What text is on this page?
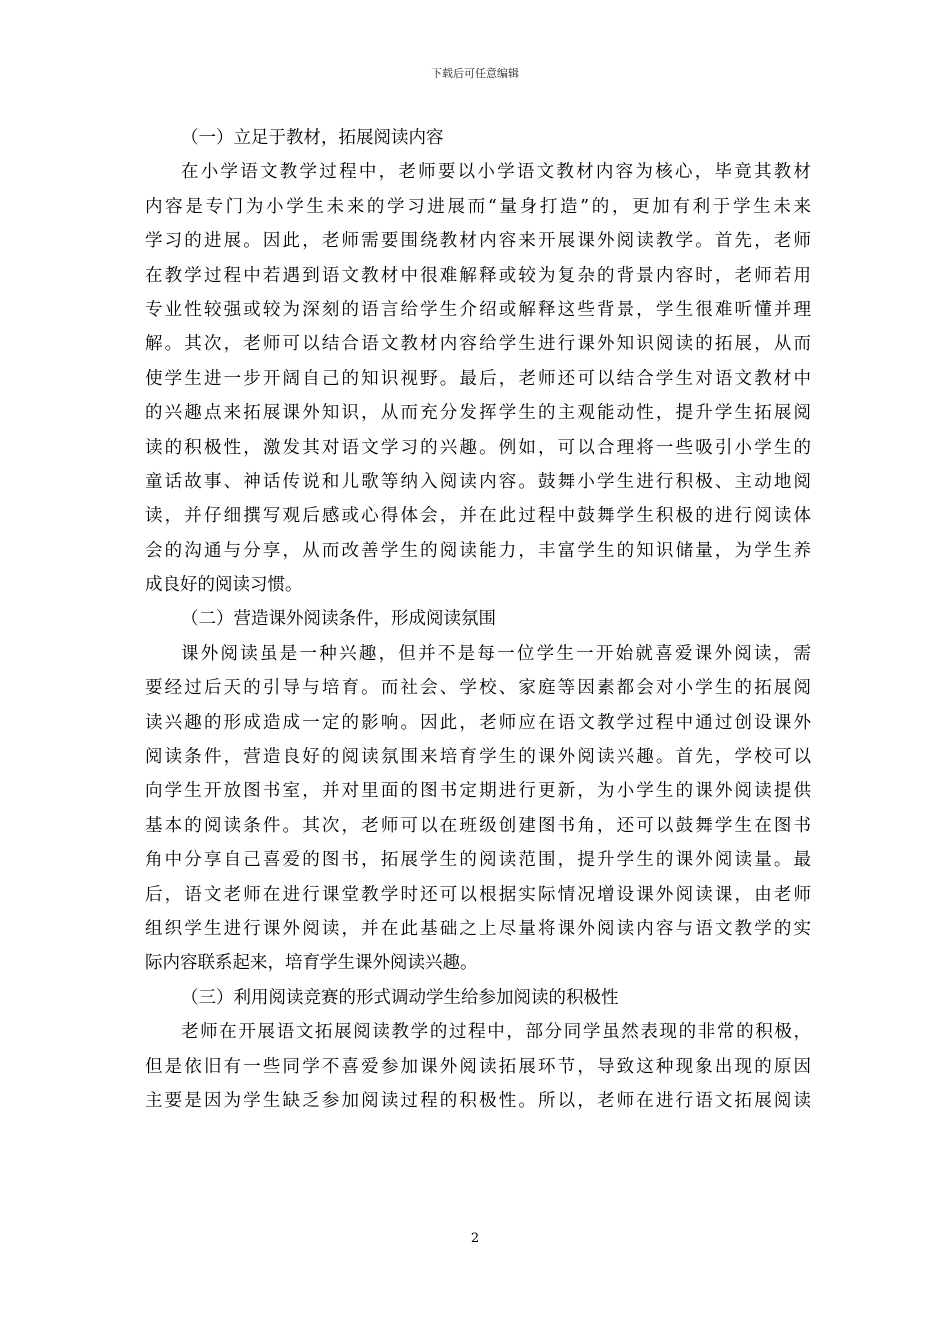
下载后可任意编辑
（一）立足于教材，拓展阅读内容
在小学语文教学过程中，老师要以小学语文教材内容为核心，毕竟其教材
内容是专门为小学生未来的学习进展而“量身打造”的，更加有利于学生未来
学习的进展。因此，老师需要围绕教材内容来开展课外阅读教学。首先，老师
在教学过程中若遇到语文教材中很难解释或较为复杂的背景内容时，老师若用
专业性较强或较为深刻的语言给学生介绍或解释这些背景，学生很难听懂并理
解。其次，老师可以结合语文教材内容给学生进行课外知识阅读的拓展，从而
使学生进一步开阔自己的知识视野。最后，老师还可以结合学生对语文教材中
的兴趣点来拓展课外知识，从而充分发挥学生的主观能动性，提升学生拓展阅
读的积极性，激发其对语文学习的兴趣。例如，可以合理将一些吸引小学生的
童话故事、神话传说和儿歌等纳入阅读内容。鼓舞小学生进行积极、主动地阅
读，并仔细撰写观后感或心得体会，并在此过程中鼓舞学生积极的进行阅读体
会的沟通与分享，从而改善学生的阅读能力，丰富学生的知识储量，为学生养
成良好的阅读习惯。
（二）营造课外阅读条件，形成阅读氛围
课外阅读虽是一种兴趣，但并不是每一位学生一开始就喜爱课外阅读，需
要经过后天的引导与培育。而社会、学校、家庭等因素都会对小学生的拓展阅
读兴趣的形成造成一定的影响。因此，老师应在语文教学过程中通过创设课外
阅读条件，营造良好的阅读氛围来培育学生的课外阅读兴趣。首先，学校可以
向学生开放图书室，并对里面的图书定期进行更新，为小学生的课外阅读提供
基本的阅读条件。其次，老师可以在班级创建图书角，还可以鼓舞学生在图书
角中分享自己喜爱的图书，拓展学生的阅读范围，提升学生的课外阅读量。最
后，语文老师在进行课堂教学时还可以根据实际情况增设课外阅读课，由老师
组织学生进行课外阅读，并在此基础之上尽量将课外阅读内容与语文教学的实
际内容联系起来，培育学生课外阅读兴趣。
（三）利用阅读竞赛的形式调动学生给参加阅读的积极性
老师在开展语文拓展阅读教学的过程中，部分同学虽然表现的非常的积极，
但是依旧有一些同学不喜爱参加课外阅读拓展环节，导致这种现象出现的原因
主要是因为学生缺乏参加阅读过程的积极性。所以，老师在进行语文拓展阅读
2
